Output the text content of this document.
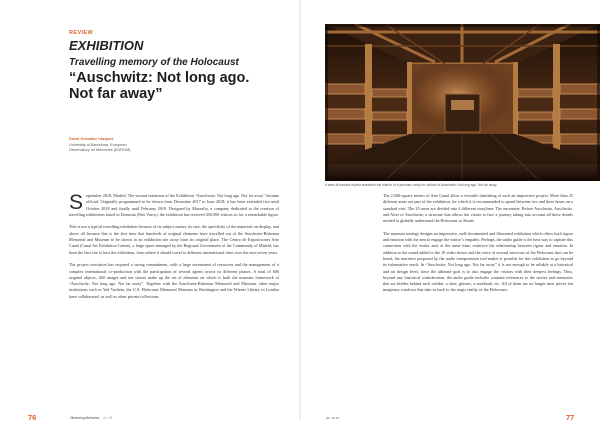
REVIEW
EXHIBITION
Travelling memory of the Holocaust
“Auschwitz: Not long ago. Not far away”
David González Vázquez
University of Barcelona, European
Observatory on Memories (EUROM)
A semi-lit barrack replica recreated the interior of a prisoner camp for visitors of Auschwitz: Not long ago. Not far away.

September 2018, Madrid. The second extension of the Exhibition “Auschwitz: Not long ago. Not far away” became official. Originally programmed to be shown from December 2017 to June 2018, it has been extended first until October 2018 and finally until February 2019. Designed by Musealia, a company dedicated to the creation of travelling exhibitions based in Donostia (País Vasco), the exhibition has received 450,000 visitors so far, a remarkable figure.

This is not a typical travelling exhibition because of its subject matter, its size, the specificity of the materials on display, and above all because this is the first time that hundreds of original elements have travelled out of the Auschwitz-Birkenau Memorial and Museum to be shown in an exhibition site away from its original place. The Centro de Exposiciones Arte Canal (Canal Art Exhibition Centre), a large space managed by the Regional Government of the Community of Madrid, has been the first site to host the exhibition, from where it should travel to different international cities over the next seven years.

The project execution has required a strong commitment, with a large investment of resources and the management of a complex international co-production with the participation of several agents across its different phases. A total of 600 original objects, 400 images and ten stories make up the set of elements on which is built the museum framework of “Auschwitz: Not long ago. Not far away”. Together with the Auschwitz-Birkenau Memorial and Museum, other major institutions such as Yad Vashem, the U.S. Holocaust Memorial Museum in Washington and the Wiener Library in London have collaborated, as well as other private collections.

The 2,500-square metres of Arte Canal allow a versatile furnishing of such an impressive project. More than 25 different areas are part of the exhibition, for which it is recommended to spend between two and three hours on a standard visit. The 25 areas are divided into 4 different storylines: The encounter, Before Auschwitz, Auschwitz, and After of Auschwitz; a structure that allows the visitor to face a journey taking into account all these details needed to globally understand the Holocaust or Shoah.

The museum strategy designs an impressive, well-documented and illustrated exhibition which offers both rigour and emotion with the aim to engage the visitor’s empathy. Perhaps, the audio guide is the best way to capture this connection with the visitor and, at the same time, reinforce the relationship between rigour and emotion. In addition to the sound added to the 10 video shows and the voice of several survivors of the Holocaust that can be heard, the narrative proposed by the audio interpretation tool makes it possible for this exhibition to go beyond its informative reach. In “Auschwitz: Not long ago. Not far away” it is not enough to be reliable at a historical and art design level, since the ultimate goal is to also engage the visitors with their deepest feelings. Thus, beyond any historical consideration, the audio guide includes constant references to the stories and memories that are hidden behind each exhibit: a shoe, glasses, a notebook, etc. All of them are no longer inert pieces but imaginary windows that take us back to the tragic reality of the Holocaust.

76	Observing Memories no. 03	doi. 10.12	77
